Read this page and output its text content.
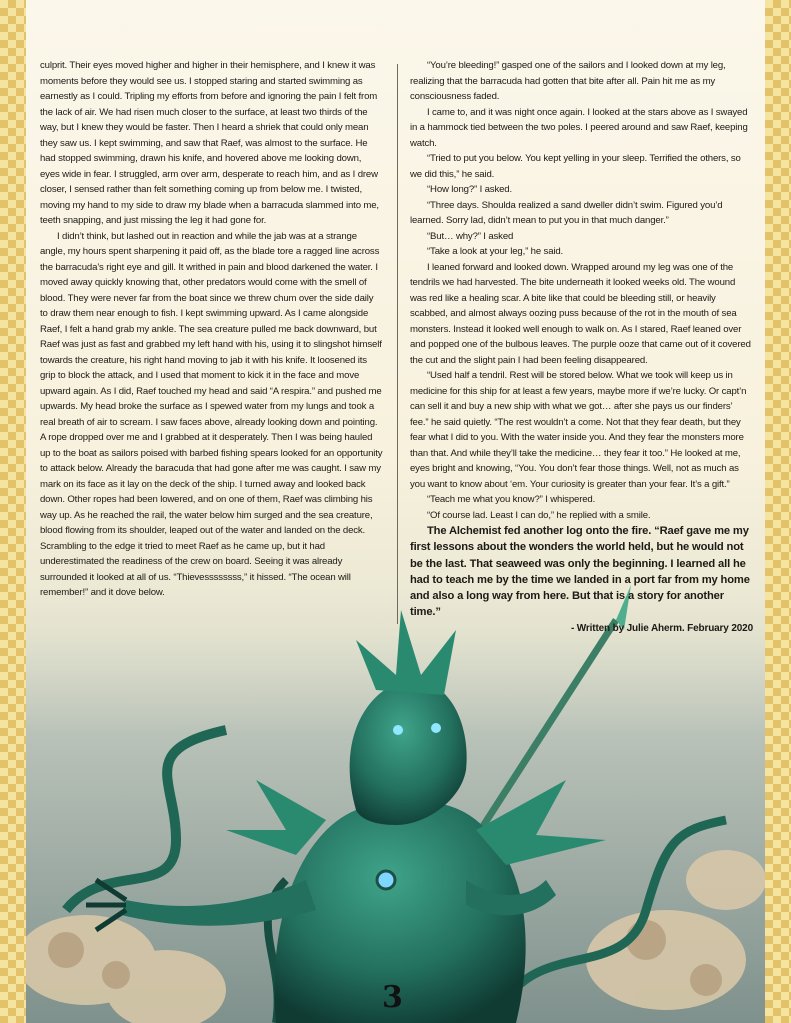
culprit. Their eyes moved higher and higher in their hemisphere, and I knew it was moments before they would see us. I stopped staring and started swimming as earnestly as I could. Tripling my efforts from before and ignoring the pain I felt from the lack of air. We had risen much closer to the surface, at least two thirds of the way, but I knew they would be faster. Then I heard a shriek that could only mean they saw us. I kept swimming, and saw that Raef, was almost to the surface. He had stopped swimming, drawn his knife, and hovered above me looking down, eyes wide in fear. I struggled, arm over arm, desperate to reach him, and as I drew closer, I sensed rather than felt something coming up from below me. I twisted, moving my hand to my side to draw my blade when a barracuda slammed into me, teeth snapping, and just missing the leg it had gone for.

I didn’t think, but lashed out in reaction and while the jab was at a strange angle, my hours spent sharpening it paid off, as the blade tore a ragged line across the barracuda’s right eye and gill. It writhed in pain and blood darkened the water. I moved away quickly knowing that, other predators would come with the smell of blood. They were never far from the boat since we threw chum over the side daily to draw them near enough to fish. I kept swimming upward. As I came alongside Raef, I felt a hand grab my ankle. The sea creature pulled me back downward, but Raef was just as fast and grabbed my left hand with his, using it to slingshot himself towards the creature, his right hand moving to jab it with his knife. It loosened its grip to block the attack, and I used that moment to kick it in the face and move upward again. As I did, Raef touched my head and said “A respira.” and pushed me upwards. My head broke the surface as I spewed water from my lungs and took a real breath of air to scream. I saw faces above, already looking down and pointing. A rope dropped over me and I grabbed at it desperately. Then I was being hauled up to the boat as sailors poised with barbed fishing spears looked for an opportunity to attack below. Already the baracuda that had gone after me was caught. I saw my mark on its face as it lay on the deck of the ship. I turned away and looked back down. Other ropes had been lowered, and on one of them, Raef was climbing his way up. As he reached the rail, the water below him surged and the sea creature, blood flowing from its shoulder, leaped out of the water and landed on the deck. Scrambling to the edge it tried to meet Raef as he came up, but it had underestimated the readiness of the crew on board. Seeing it was already surrounded it looked at all of us. “Thievessssssss,” it hissed. “The ocean will remember!” and it dove below.

“You’re bleeding!” gasped one of the sailors and I looked down at my leg, realizing that the barracuda had gotten that bite after all. Pain hit me as my consciousness faded.

I came to, and it was night once again. I looked at the stars above as I swayed in a hammock tied between the two poles. I peered around and saw Raef, keeping watch.

“Tried to put you below. You kept yelling in your sleep. Terrified the others, so we did this,” he said.

“How long?” I asked.

“Three days. Shoulda realized a sand dweller didn’t swim. Figured you’d learned. Sorry lad, didn’t mean to put you in that much danger.”

“But… why?” I asked

“Take a look at your leg,” he said.

I leaned forward and looked down. Wrapped around my leg was one of the tendrils we had harvested. The bite underneath it looked weeks old. The wound was red like a healing scar. A bite like that could be bleeding still, or heavily scabbed, and almost always oozing puss because of the rot in the mouth of sea monsters. Instead it looked well enough to walk on. As I stared, Raef leaned over and popped one of the bulbous leaves. The purple ooze that came out of it covered the cut and the slight pain I had been feeling disappeared.

“Used half a tendril. Rest will be stored below. What we took will keep us in medicine for this ship for at least a few years, maybe more if we’re lucky. Or capt’n can sell it and buy a new ship with what we got… after she pays us our finders’ fee.” he said quietly. “The rest wouldn’t a come. Not that they fear death, but they fear what I did to you. With the water inside you. And they fear the monsters more than that. And while they’ll take the medicine… they fear it too.” He looked at me, eyes bright and knowing, “You. You don’t fear those things. Well, not as much as you want to know about ‘em. Your curiosity is greater than your fear. It’s a gift.”

“Teach me what you know?” I whispered.

“Of course lad. Least I can do,” he replied with a smile.

The Alchemist fed another log onto the fire. “Raef gave me my first lessons about the wonders the world held, but he would not be the last. That seaweed was only the beginning. I learned all he had to teach me by the time we landed in a port far from my home and also a long way from here. But that is a story for another time.”

- Written by Julie Aherm. February 2020

3
